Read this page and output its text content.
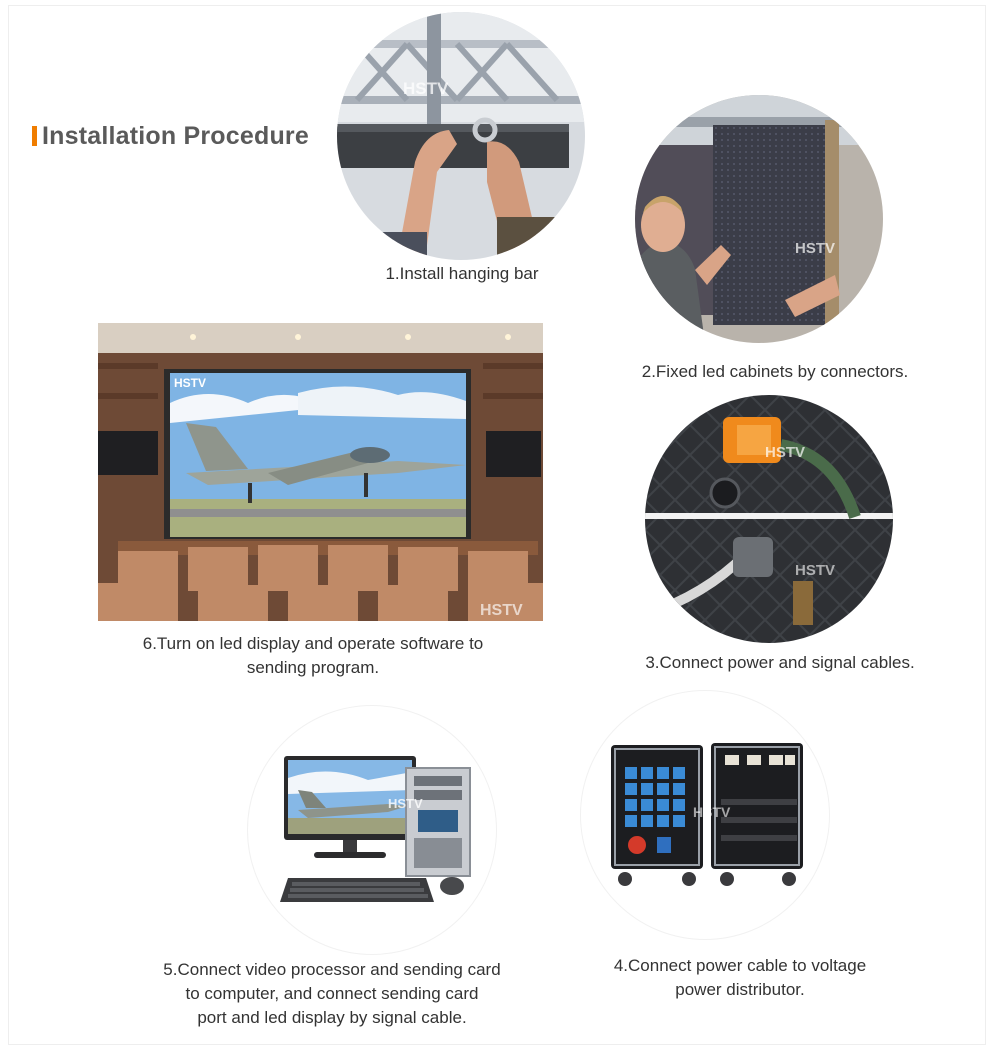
Installation Procedure
HSTV
1.Install hanging bar
HSTV
2.Fixed led cabinets by connectors.
HSTV
HSTV
6.Turn on led display and operate software to
sending program.
HSTV
HSTV
3.Connect power and signal cables.
HSTV
5.Connect video processor and sending card
to computer, and connect sending card
port and led display by signal cable.
HSTV
4.Connect power cable to voltage
power distributor.
